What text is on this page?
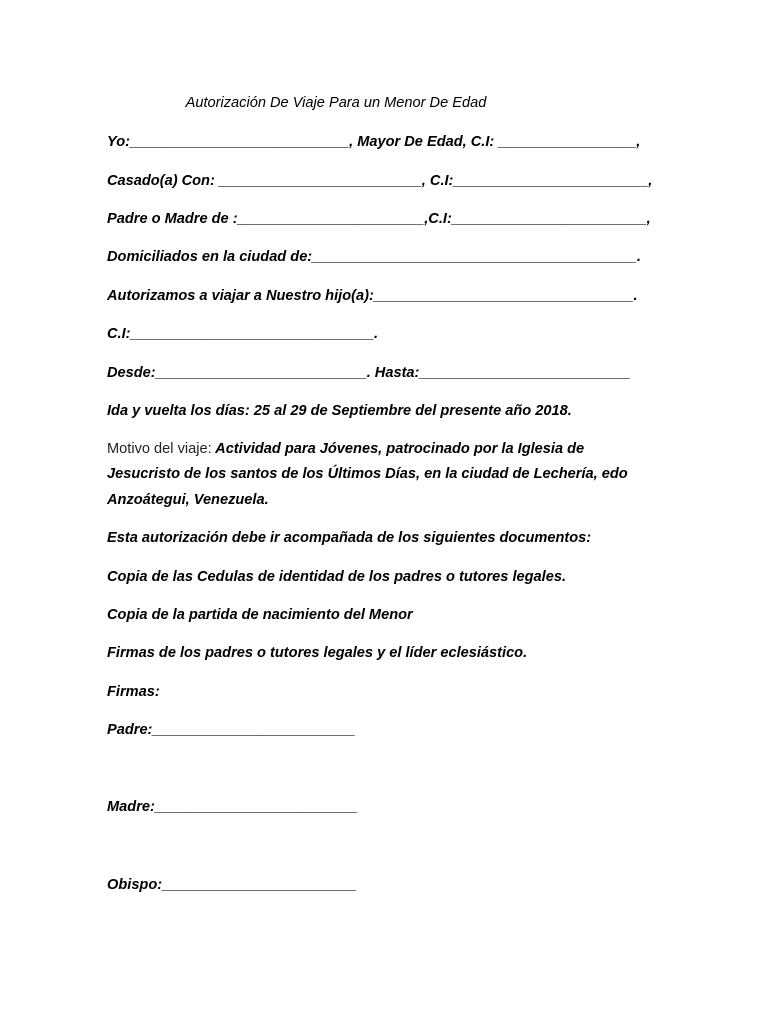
Autorización De Viaje Para un Menor De Edad
Yo:___________________________, Mayor De Edad, C.I: _________________,
Casado(a) Con: _________________________, C.I:________________________,
Padre o Madre de :_______________________,C.I:________________________,
Domiciliados en la ciudad de:________________________________________.
Autorizamos a viajar a Nuestro hijo(a):________________________________.
C.I:______________________________.
Desde:__________________________. Hasta:__________________________
Ida y vuelta los días: 25 al 29 de Septiembre del presente año 2018.
Motivo del viaje: Actividad para Jóvenes, patrocinado por la Iglesia de
Jesucristo de los santos de los Últimos Días, en la ciudad de Lechería, edo
Anzoátegui, Venezuela.
Esta autorización debe ir acompañada de los siguientes documentos:
Copia de las Cedulas de identidad de los padres o tutores legales.
Copia de la partida de nacimiento del Menor
Firmas de los padres o tutores legales y el líder eclesiástico.
Firmas:
Padre:_________________________
Madre:_________________________
Obispo:________________________
